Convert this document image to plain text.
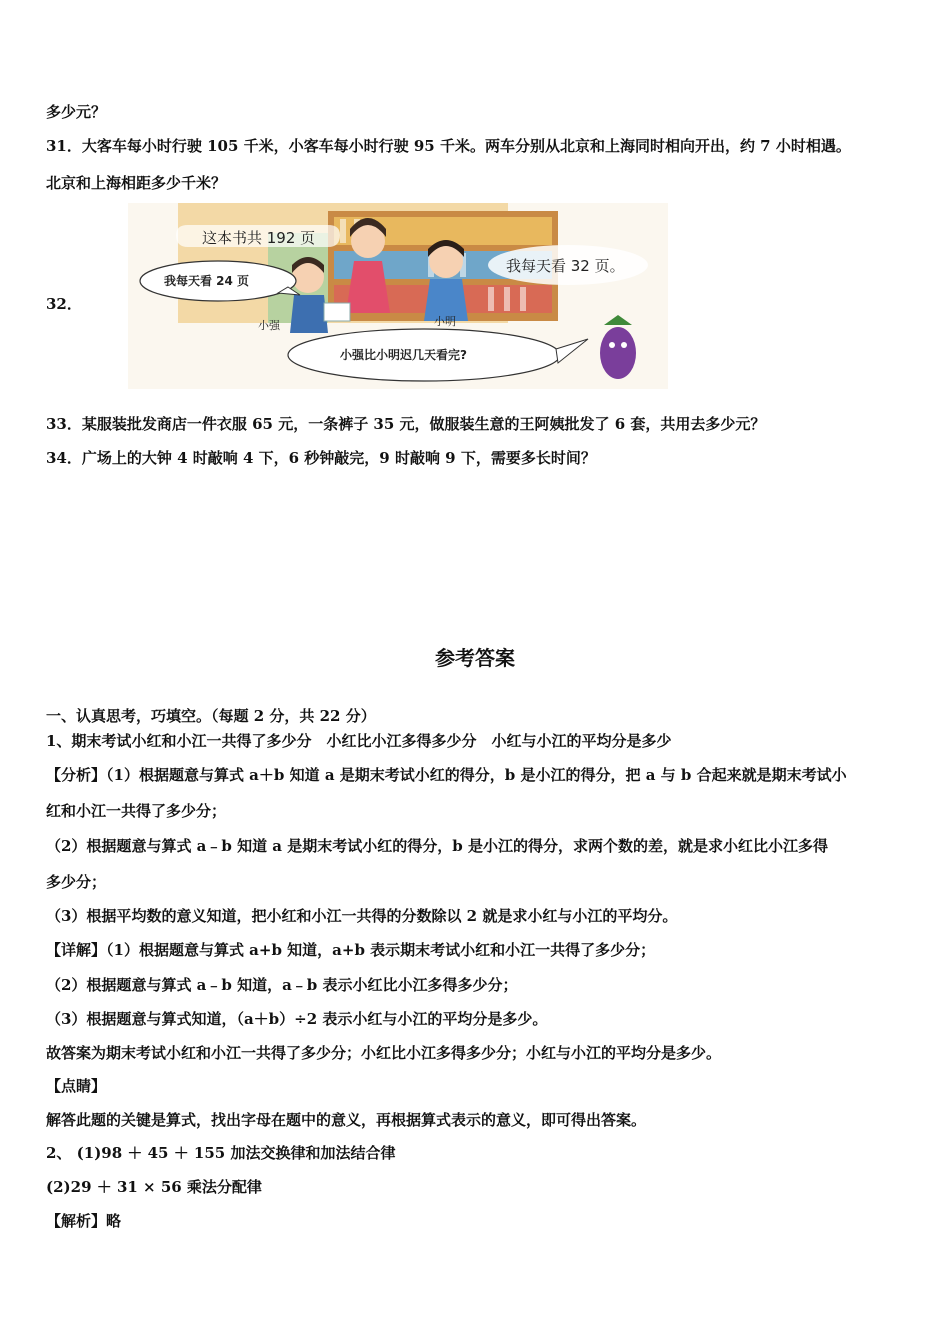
多少元？
31．大客车每小时行驶 105 千米，小客车每小时行驶 95 千米。两车分别从北京和上海同时相向开出，约 7 小时相遇。
北京和上海相距多少千米？
32．
这本书共 192 页
我每天看 24 页
我每天看 32 页。
小强	小明
小强比小明迟几天看完?
33．某服装批发商店一件衣服 65 元，一条裤子 35 元，做服装生意的王阿姨批发了 6 套，共用去多少元？
34．广场上的大钟 4 时敲响 4 下，6 秒钟敲完，9 时敲响 9 下，需要多长时间？
参考答案
一、认真思考，巧填空。（每题 2 分，共 22 分）
1、期末考试小红和小江一共得了多少分　小红比小江多得多少分　小红与小江的平均分是多少
【分析】（1）根据题意与算式 a＋b 知道 a 是期末考试小红的得分，b 是小江的得分，把 a 与 b 合起来就是期末考试小
红和小江一共得了多少分；
（2）根据题意与算式 a﹣b 知道 a 是期末考试小红的得分，b 是小江的得分，求两个数的差，就是求小红比小江多得
多少分；
（3）根据平均数的意义知道，把小红和小江一共得的分数除以 2 就是求小红与小江的平均分。
【详解】（1）根据题意与算式 a+b 知道，a+b 表示期末考试小红和小江一共得了多少分；
（2）根据题意与算式 a﹣b 知道，a﹣b 表示小红比小江多得多少分；
（3）根据题意与算式知道，（a＋b）÷2 表示小红与小江的平均分是多少。
故答案为期末考试小红和小江一共得了多少分；小红比小江多得多少分；小红与小江的平均分是多少。
【点睛】
解答此题的关键是算式，找出字母在题中的意义，再根据算式表示的意义，即可得出答案。
2、 (1)98 ＋ 45 ＋ 155 加法交换律和加法结合律
(2)29 ＋ 31 × 56 乘法分配律
【解析】略
